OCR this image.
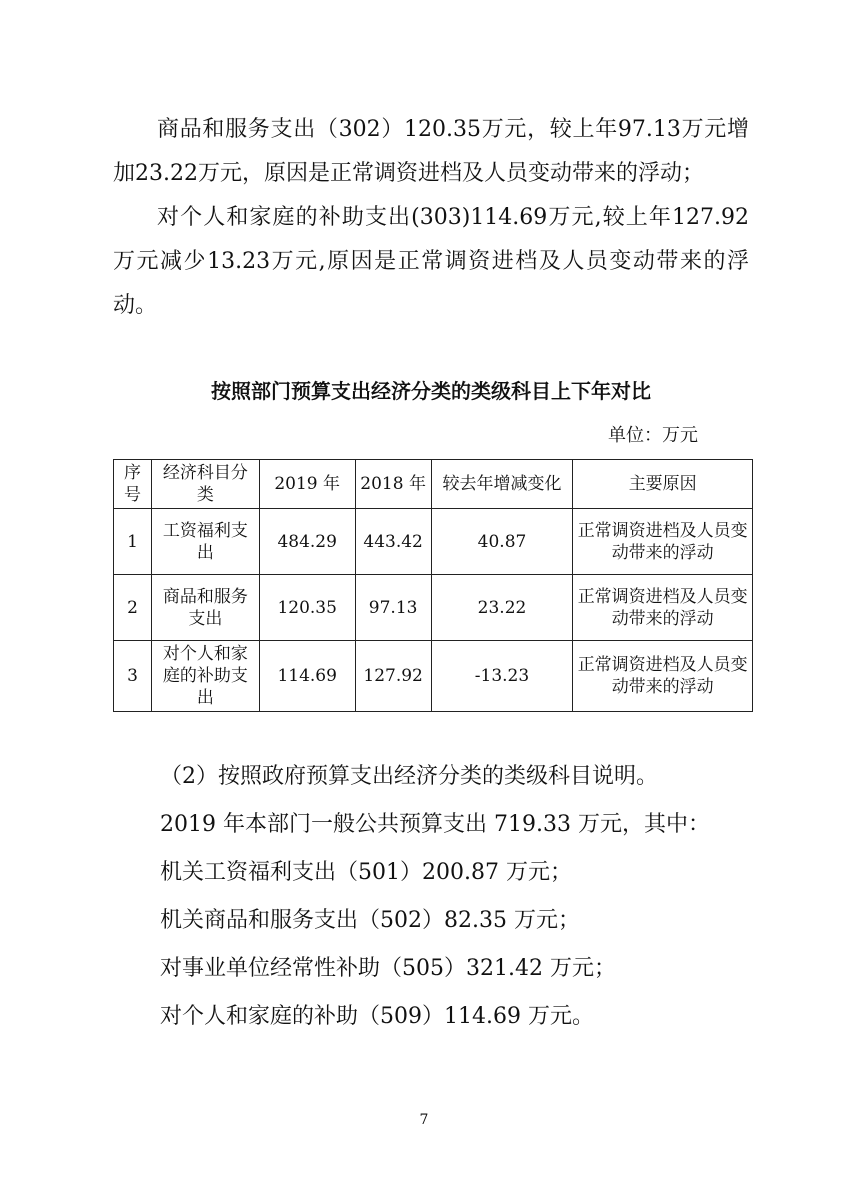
商品和服务支出（302）120.35万元，较上年97.13万元增加23.22万元，原因是正常调资进档及人员变动带来的浮动；

对个人和家庭的补助支出(303)114.69万元,较上年127.92万元减少13.23万元,原因是正常调资进档及人员变动带来的浮动。

按照部门预算支出经济分类的类级科目上下年对比
单位：万元
序号	经济科目分类	2019 年	2018 年	较去年增减变化	主要原因
1	工资福利支出	484.29	443.42	40.87	正常调资进档及人员变动带来的浮动
2	商品和服务支出	120.35	97.13	23.22	正常调资进档及人员变动带来的浮动
3	对个人和家庭的补助支出	114.69	127.92	-13.23	正常调资进档及人员变动带来的浮动

（2）按照政府预算支出经济分类的类级科目说明。

2019 年本部门一般公共预算支出 719.33 万元，其中：

机关工资福利支出（501）200.87 万元；

机关商品和服务支出（502）82.35 万元；

对事业单位经常性补助（505）321.42 万元；

对个人和家庭的补助（509）114.69 万元。

7
